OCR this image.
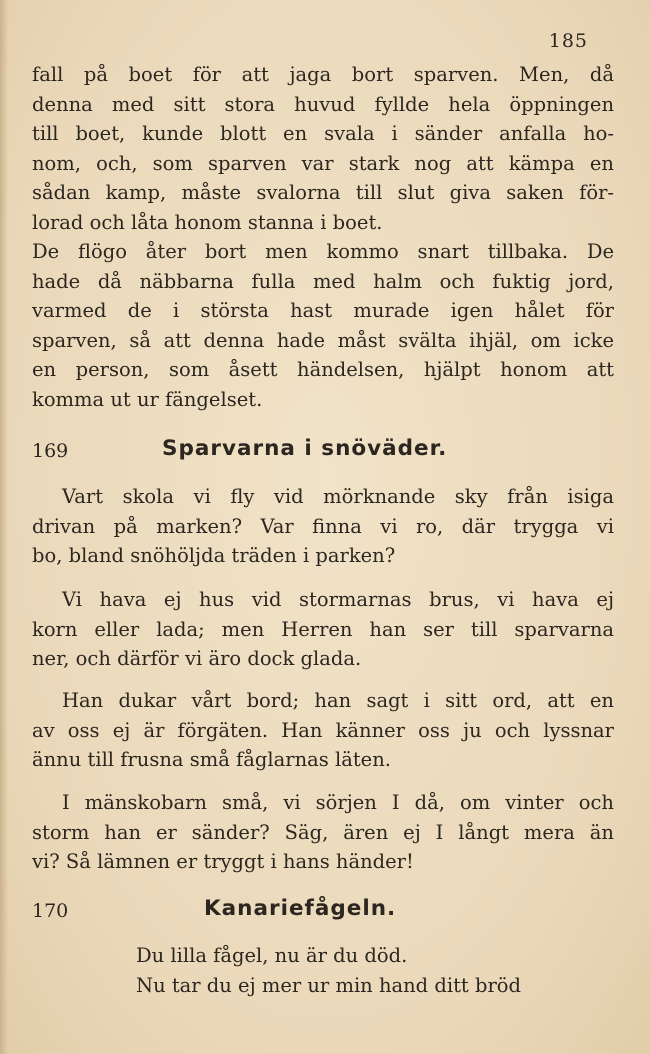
185
fall på boet för att jaga bort sparven. Men, då
denna med sitt stora huvud fyllde hela öppningen
till boet, kunde blott en svala i sänder anfalla ho-
nom, och, som sparven var stark nog att kämpa en
sådan kamp, måste svalorna till slut giva saken för-
lorad och låta honom stanna i boet.
De flögo åter bort men kommo snart tillbaka. De
hade då näbbarna fulla med halm och fuktig jord,
varmed de i största hast murade igen hålet för
sparven, så att denna hade måst svälta ihjäl, om icke
en person, som åsett händelsen, hjälpt honom att
komma ut ur fängelset.
169	Sparvarna i snöväder.
Vart skola vi fly vid mörknande sky från isiga
drivan på marken? Var finna vi ro, där trygga vi
bo, bland snöhöljda träden i parken?
Vi hava ej hus vid stormarnas brus, vi hava ej
korn eller lada; men Herren han ser till sparvarna
ner, och därför vi äro dock glada.
Han dukar vårt bord; han sagt i sitt ord, att en
av oss ej är förgäten. Han känner oss ju och lyssnar
ännu till frusna små fåglarnas läten.
I mänskobarn små, vi sörjen I då, om vinter och
storm han er sänder? Säg, ären ej I långt mera än
vi? Så lämnen er tryggt i hans händer!
170	Kanariefågeln.
Du lilla fågel, nu är du död.
Nu tar du ej mer ur min hand ditt bröd
